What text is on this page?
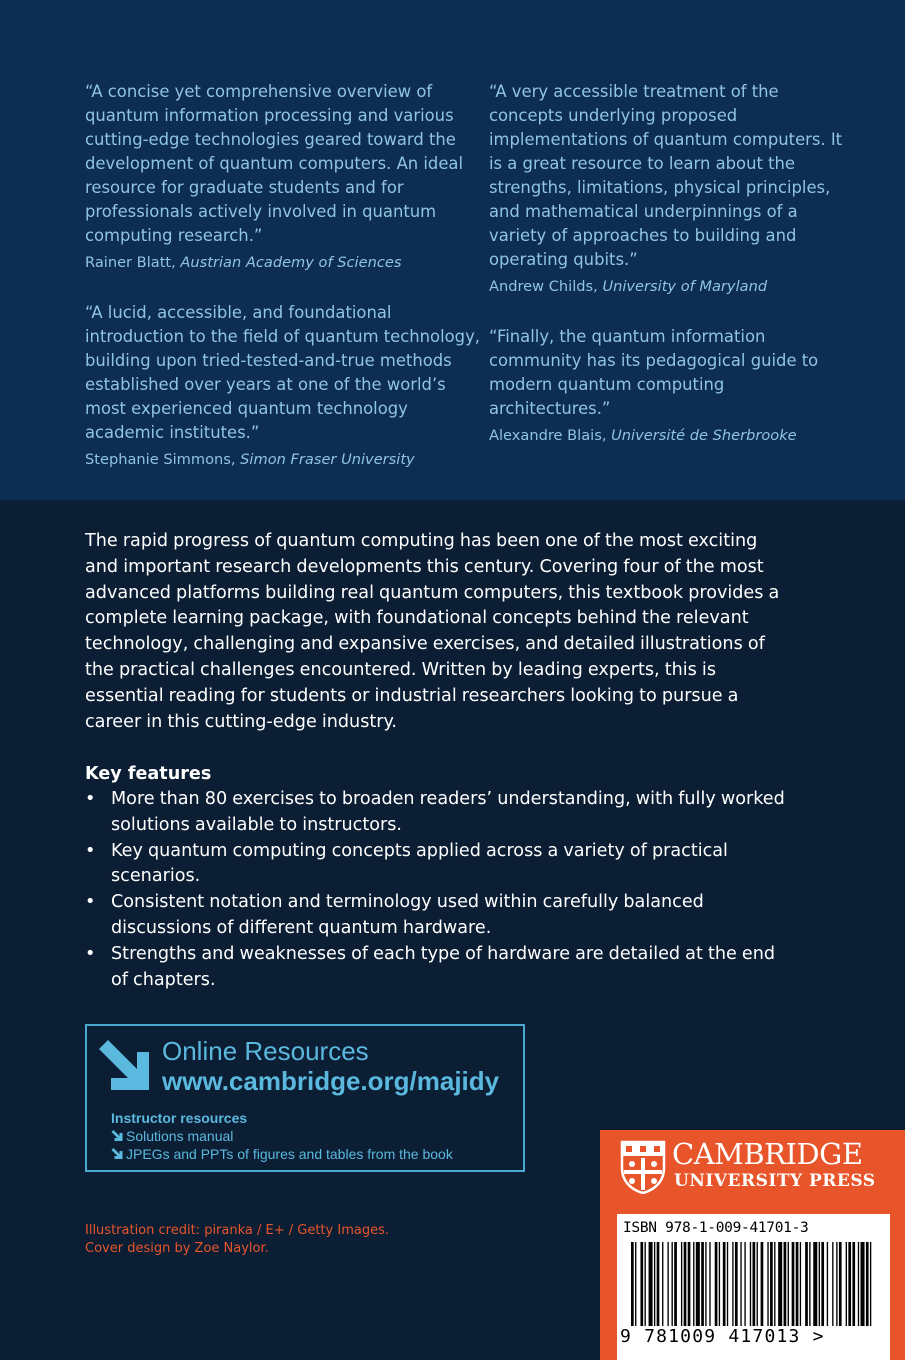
“A concise yet comprehensive overview of quantum information processing and various cutting-edge technologies geared toward the development of quantum computers. An ideal resource for graduate students and for professionals actively involved in quantum computing research.”
Rainer Blatt, Austrian Academy of Sciences
“A lucid, accessible, and foundational introduction to the field of quantum technology, building upon tried-tested-and-true methods established over years at one of the world’s most experienced quantum technology academic institutes.”
Stephanie Simmons, Simon Fraser University
“A very accessible treatment of the concepts underlying proposed implementations of quantum computers. It is a great resource to learn about the strengths, limitations, physical principles, and mathematical underpinnings of a variety of approaches to building and operating qubits.”
Andrew Childs, University of Maryland
“Finally, the quantum information community has its pedagogical guide to modern quantum computing architectures.”
Alexandre Blais, Université de Sherbrooke

The rapid progress of quantum computing has been one of the most exciting and important research developments this century. Covering four of the most advanced platforms building real quantum computers, this textbook provides a complete learning package, with foundational concepts behind the relevant technology, challenging and expansive exercises, and detailed illustrations of the practical challenges encountered. Written by leading experts, this is essential reading for students or industrial researchers looking to pursue a career in this cutting-edge industry.

Key features
• More than 80 exercises to broaden readers’ understanding, with fully worked solutions available to instructors.
• Key quantum computing concepts applied across a variety of practical scenarios.
• Consistent notation and terminology used within carefully balanced discussions of different quantum hardware.
• Strengths and weaknesses of each type of hardware are detailed at the end of chapters.
Online Resources
www.cambridge.org/majidy
Instructor resources
Solutions manual
JPEGs and PPTs of figures and tables from the book
Illustration credit: piranka / E+ / Getty Images.
Cover design by Zoe Naylor.
CAMBRIDGE
UNIVERSITY PRESS
ISBN 978-1-009-41701-3
9 781009 417013 >
